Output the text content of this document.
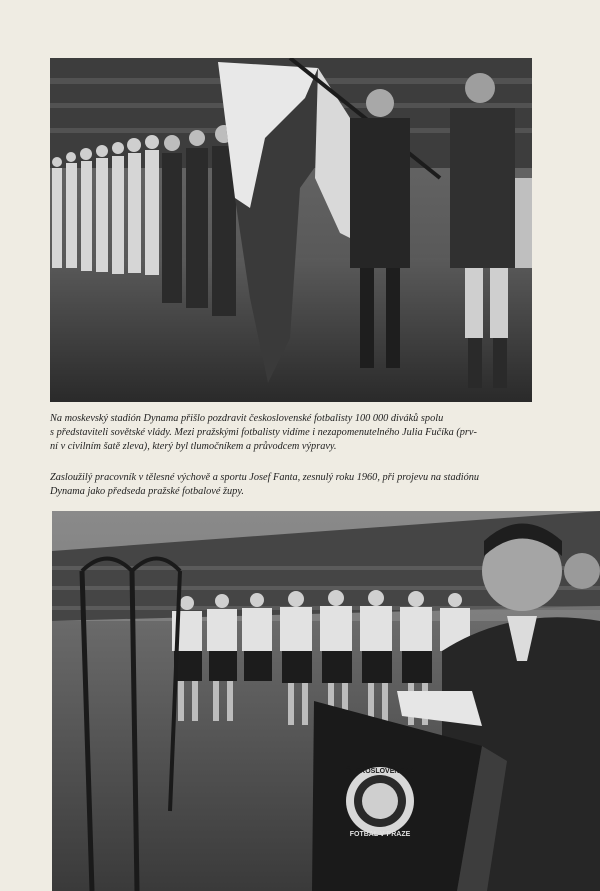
Na moskevský stadión Dynama přišlo pozdravit československé fotbalisty 100 000 diváků spolu
s představiteli sovětské vlády. Mezi pražskými fotbalisty vidíme i nezapomenutelného Julia Fučíka (prv-
ní v civilním šatě zleva), který byl tlumočníkem a průvodcem výpravy.
Zasloužilý pracovník v tělesné výchově a sportu Josef Fanta, zesnulý roku 1960, při projevu na stadiónu
Dynama jako předseda pražské fotbalové župy.
ČESKOSLOVENSKÁ
FOTBAL V PRAZE
